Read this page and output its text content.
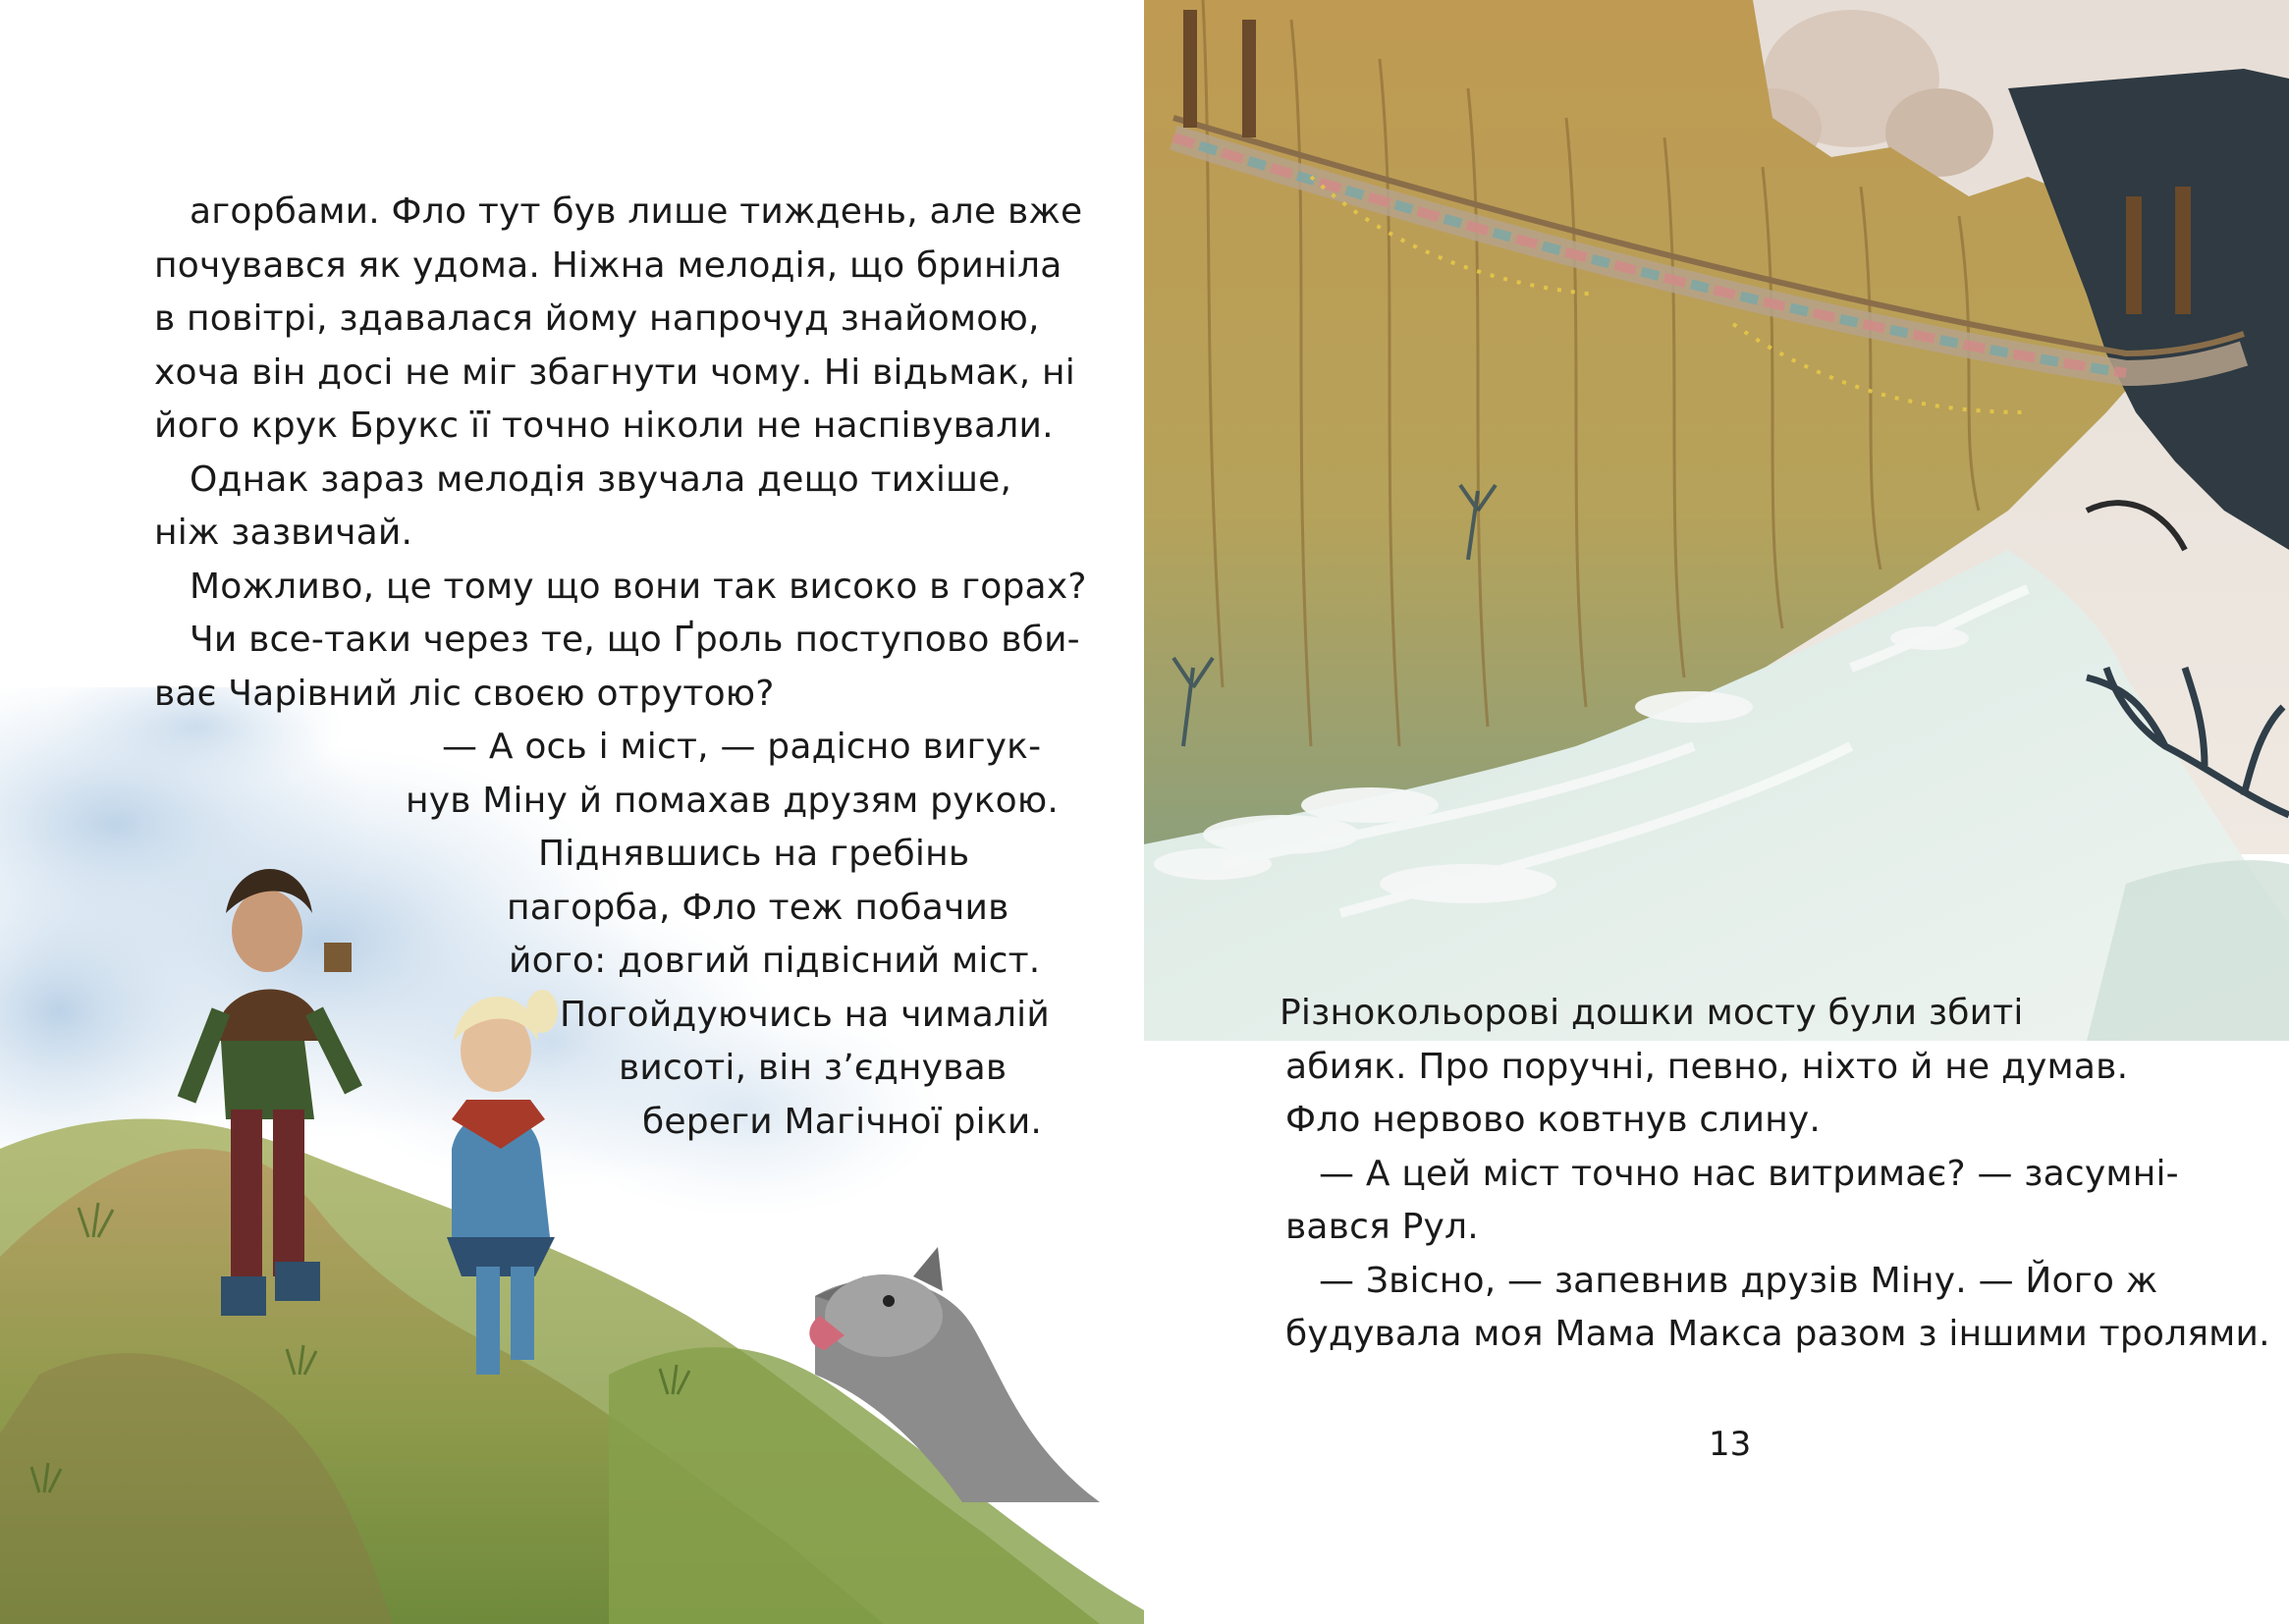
агорбами. Фло тут був лише тиждень, але вже
почувався як удома. Ніжна мелодія, що бриніла
в повітрі, здавалася йому напрочуд знайомою,
хоча він досі не міг збагнути чому. Ні відьмак, ні
його крук Брукс її точно ніколи не наспівували.
Однак зараз мелодія звучала дещо тихіше,
ніж зазвичай.
Можливо, це тому що вони так високо в горах?
Чи все-таки через те, що Ґроль поступово вби-
ває Чарівний ліс своєю отрутою?
— А ось і міст, — радісно вигук-
нув Міну й помахав друзям рукою.
Піднявшись на гребінь
пагорба, Фло теж побачив
його: довгий підвісний міст.
Погойдуючись на чималій
висоті, він з’єднував
береги Магічної ріки.
Різнокольорові дошки мосту були збиті
абияк. Про поручні, певно, ніхто й не думав.
Фло нервово ковтнув слину.
— А цей міст точно нас витримає? — засумні-
вався Рул.
— Звісно, — запевнив друзів Міну. — Його ж
будувала моя Мама Макса разом з іншими тролями.
13
